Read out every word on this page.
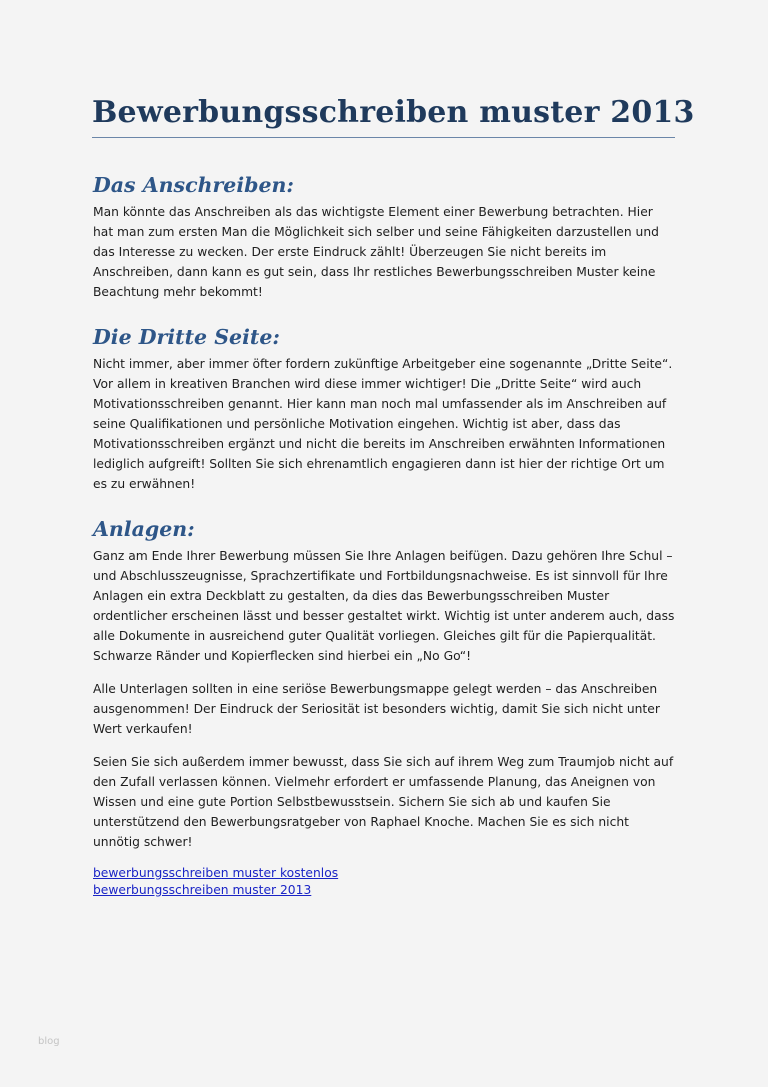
Bewerbungsschreiben muster 2013
Das Anschreiben:

Man könnte das Anschreiben als das wichtigste Element einer Bewerbung betrachten. Hier hat man zum ersten Man die Möglichkeit sich selber und seine Fähigkeiten darzustellen und das Interesse zu wecken. Der erste Eindruck zählt! Überzeugen Sie nicht bereits im Anschreiben, dann kann es gut sein, dass Ihr restliches Bewerbungsschreiben Muster keine Beachtung mehr bekommt!

Die Dritte Seite:

Nicht immer, aber immer öfter fordern zukünftige Arbeitgeber eine sogenannte „Dritte Seite“. Vor allem in kreativen Branchen wird diese immer wichtiger! Die „Dritte Seite“ wird auch Motivationsschreiben genannt. Hier kann man noch mal umfassender als im Anschreiben auf seine Qualifikationen und persönliche Motivation eingehen. Wichtig ist aber, dass das Motivationsschreiben ergänzt und nicht die bereits im Anschreiben erwähnten Informationen lediglich aufgreift! Sollten Sie sich ehrenamtlich engagieren dann ist hier der richtige Ort um es zu erwähnen!

Anlagen:

Ganz am Ende Ihrer Bewerbung müssen Sie Ihre Anlagen beifügen. Dazu gehören Ihre Schul – und Abschlusszeugnisse, Sprachzertifikate und Fortbildungsnachweise. Es ist sinnvoll für Ihre Anlagen ein extra Deckblatt zu gestalten, da dies das Bewerbungsschreiben Muster ordentlicher erscheinen lässt und besser gestaltet wirkt. Wichtig ist unter anderem auch, dass alle Dokumente in ausreichend guter Qualität vorliegen. Gleiches gilt für die Papierqualität. Schwarze Ränder und Kopierflecken sind hierbei ein „No Go“!

Alle Unterlagen sollten in eine seriöse Bewerbungsmappe gelegt werden – das Anschreiben ausgenommen! Der Eindruck der Seriosität ist besonders wichtig, damit Sie sich nicht unter Wert verkaufen!

Seien Sie sich außerdem immer bewusst, dass Sie sich auf ihrem Weg zum Traumjob nicht auf den Zufall verlassen können. Vielmehr erfordert er umfassende Planung, das Aneignen von Wissen und eine gute Portion Selbstbewusstsein. Sichern Sie sich ab und kaufen Sie unterstützend den Bewerbungsratgeber von Raphael Knoche. Machen Sie es sich nicht unnötig schwer!

bewerbungsschreiben muster kostenlos
bewerbungsschreiben muster 2013
blog
